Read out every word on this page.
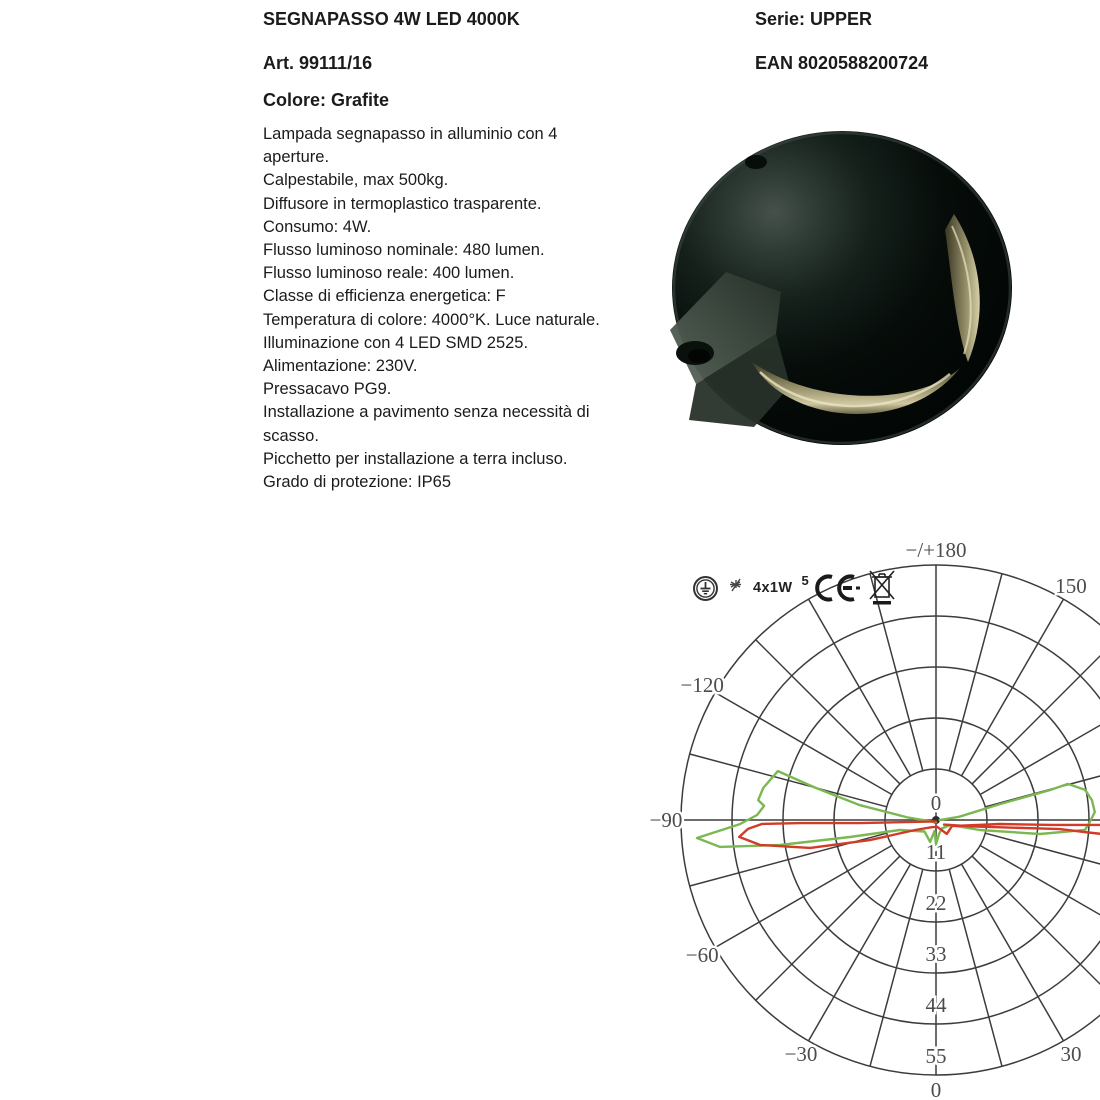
0
11
22
33
44
55
−/+180
150
−120
−90
−60
−30
0
30
SEGNAPASSO 4W LED 4000K

Art. 99111/16

Colore: Grafite

Lampada segnapasso in alluminio con 4
aperture.
Calpestabile, max 500kg.
Diffusore in termoplastico trasparente.
Consumo: 4W.
Flusso luminoso nominale: 480 lumen.
Flusso luminoso reale: 400 lumen.
Classe di efficienza energetica: F
Temperatura di colore: 4000°K. Luce naturale.
Illuminazione con 4 LED SMD 2525.
Alimentazione: 230V.
Pressacavo PG9.
Installazione a pavimento senza necessità di
scasso.
Picchetto per installazione a terra incluso.
Grado di protezione: IP65

Serie: UPPER

EAN 8020588200724

4x1W 5
